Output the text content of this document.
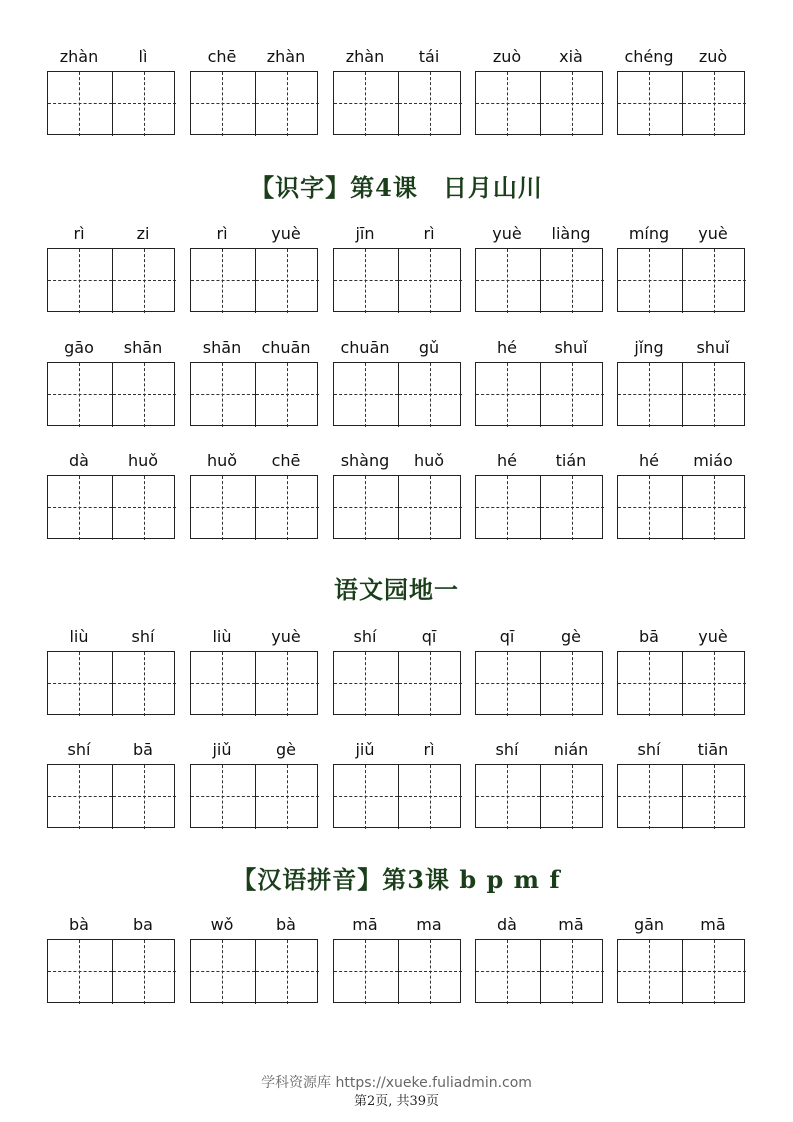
zhàn	lì	chē	zhàn	zhàn	tái	zuò	xià	chéng	zuò
【识字】第4课　日月山川
rì	zi	rì	yuè	jīn	rì	yuè	liàng	míng	yuè
gāo	shān	shān	chuān	chuān	gǔ	hé	shuǐ	jǐng	shuǐ
dà	huǒ	huǒ	chē	shàng	huǒ	hé	tián	hé	miáo
语文园地一
liù	shí	liù	yuè	shí	qī	qī	gè	bā	yuè
shí	bā	jiǔ	gè	jiǔ	rì	shí	nián	shí	tiān
【汉语拼音】第3课 b p m f
bà	ba	wǒ	bà	mā	ma	dà	mā	gān	mā
学科资源库 https://xueke.fuliadmin.com
第2页, 共39页
